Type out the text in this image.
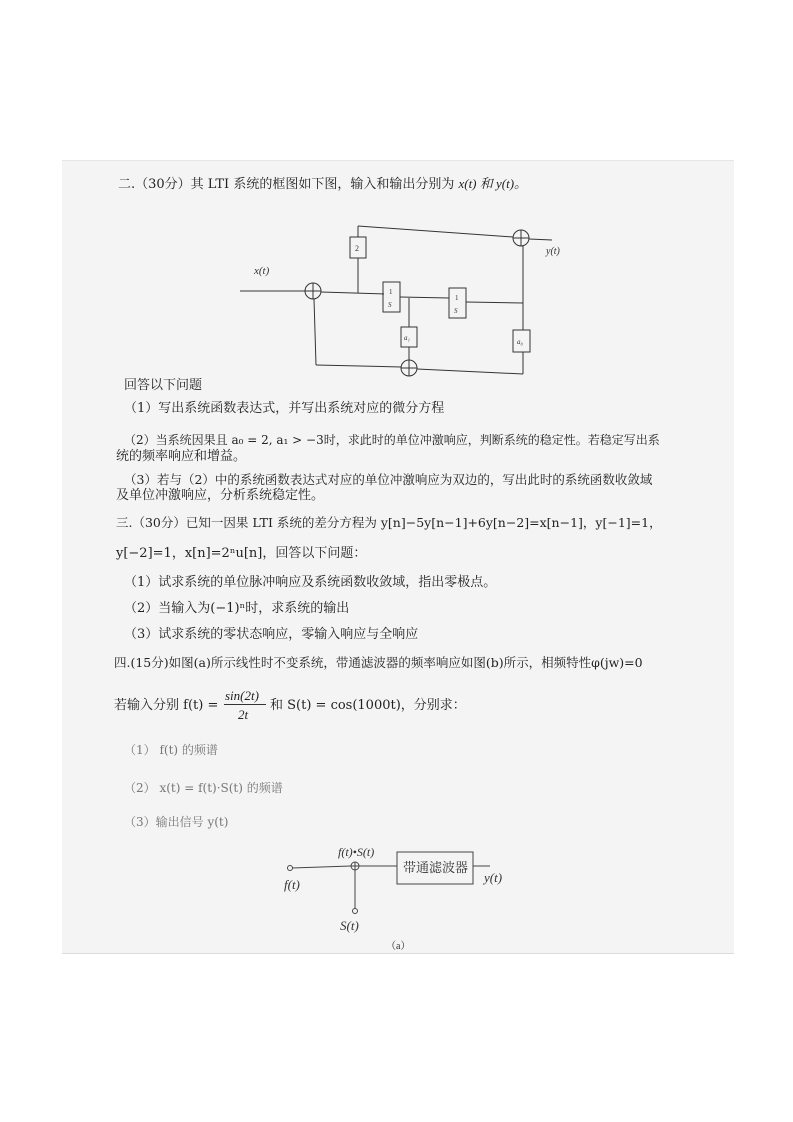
二.（30分）其 LTI 系统的框图如下图，输入和输出分别为 x(t) 和 y(t)。
x(t)
y(t)
2
1
S
1
S
a₁	a₀
回答以下问题
（1）写出系统函数表达式，并写出系统对应的微分方程
（2）当系统因果且 a₀ = 2, a₁ > −3时，求此时的单位冲激响应，判断系统的稳定性。若稳定写出系
统的频率响应和增益。
（3）若与（2）中的系统函数表达式对应的单位冲激响应为双边的，写出此时的系统函数收敛域
及单位冲激响应，分析系统稳定性。
三.（30分）已知一因果 LTI 系统的差分方程为 y[n]−5y[n−1]+6y[n−2]=x[n−1]，y[−1]=1，
y[−2]=1，x[n]=2ⁿu[n]，回答以下问题：
（1）试求系统的单位脉冲响应及系统函数收敛域，指出零极点。
（2）当输入为(−1)ⁿ时，求系统的输出
（3）试求系统的零状态响应，零输入响应与全响应
四.(15分)如图(a)所示线性时不变系统，带通滤波器的频率响应如图(b)所示，相频特性φ(jw)=0
若输入分别 f(t) =
sin(2t)
2t
和 S(t) = cos(1000t)，分别求：
（1） f(t) 的频谱
（2） x(t) = f(t)·S(t) 的频谱
（3）输出信号 y(t)
f(t)•S(t)
带通滤波器
y(t)
f(t)
S(t)
（a）
